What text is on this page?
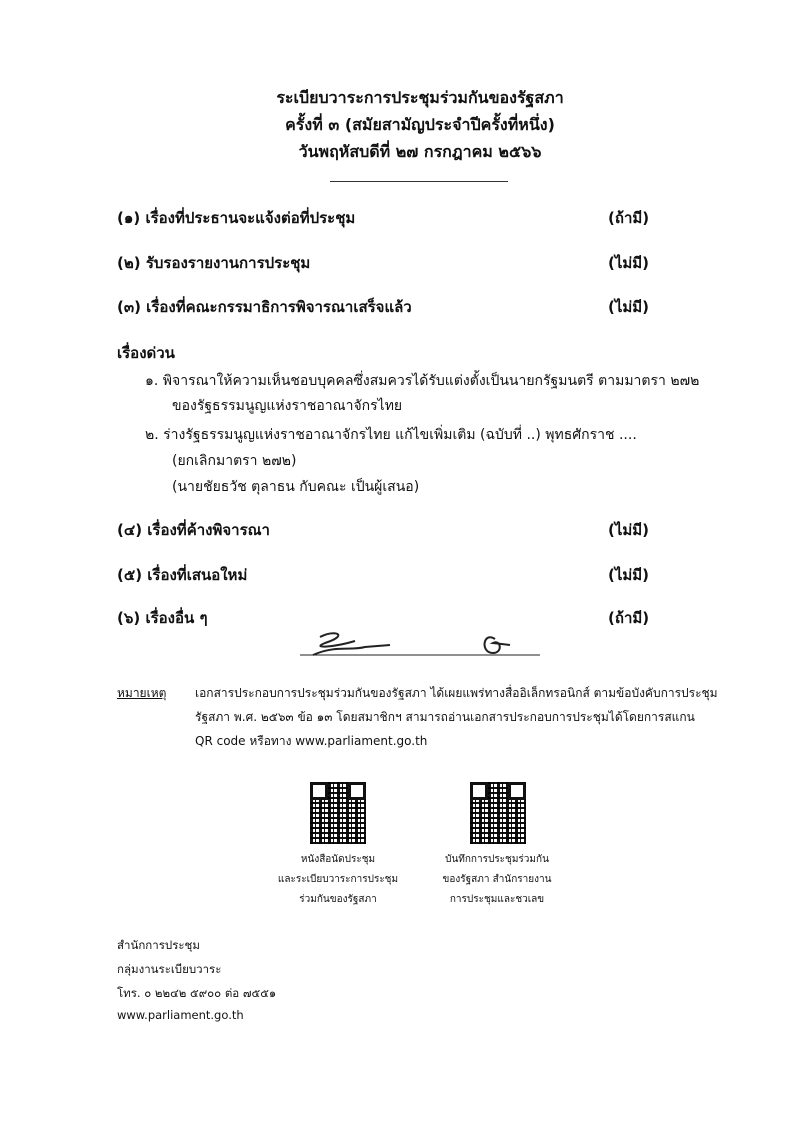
ระเบียบวาระการประชุมร่วมกันของรัฐสภา
ครั้งที่ ๓ (สมัยสามัญประจำปีครั้งที่หนึ่ง)
วันพฤหัสบดีที่ ๒๗ กรกฎาคม ๒๕๖๖
(๑) เรื่องที่ประธานจะแจ้งต่อที่ประชุม	(ถ้ามี)
(๒) รับรองรายงานการประชุม	(ไม่มี)
(๓) เรื่องที่คณะกรรมาธิการพิจารณาเสร็จแล้ว	(ไม่มี)
เรื่องด่วน
๑. พิจารณาให้ความเห็นชอบบุคคลซึ่งสมควรได้รับแต่งตั้งเป็นนายกรัฐมนตรี ตามมาตรา ๒๗๒
ของรัฐธรรมนูญแห่งราชอาณาจักรไทย
๒. ร่างรัฐธรรมนูญแห่งราชอาณาจักรไทย แก้ไขเพิ่มเติม (ฉบับที่ ..) พุทธศักราช ....
(ยกเลิกมาตรา ๒๗๒)
(นายชัยธวัช ตุลาธน กับคณะ เป็นผู้เสนอ)
(๔) เรื่องที่ค้างพิจารณา	(ไม่มี)
(๕) เรื่องที่เสนอใหม่	(ไม่มี)
(๖) เรื่องอื่น ๆ	(ถ้ามี)
หมายเหตุ เอกสารประกอบการประชุมร่วมกันของรัฐสภา ได้เผยแพร่ทางสื่ออิเล็กทรอนิกส์ ตามข้อบังคับการประชุม
รัฐสภา พ.ศ. ๒๕๖๓ ข้อ ๑๓ โดยสมาชิกฯ สามารถอ่านเอกสารประกอบการประชุมได้โดยการสแกน
QR code หรือทาง www.parliament.go.th
หนังสือนัดประชุม
และระเบียบวาระการประชุม
ร่วมกันของรัฐสภา
บันทึกการประชุมร่วมกัน
ของรัฐสภา สำนักรายงาน
การประชุมและชวเลข
สำนักการประชุม
กลุ่มงานระเบียบวาระ
โทร. ๐ ๒๒๔๒ ๕๙๐๐ ต่อ ๗๕๕๑
www.parliament.go.th
